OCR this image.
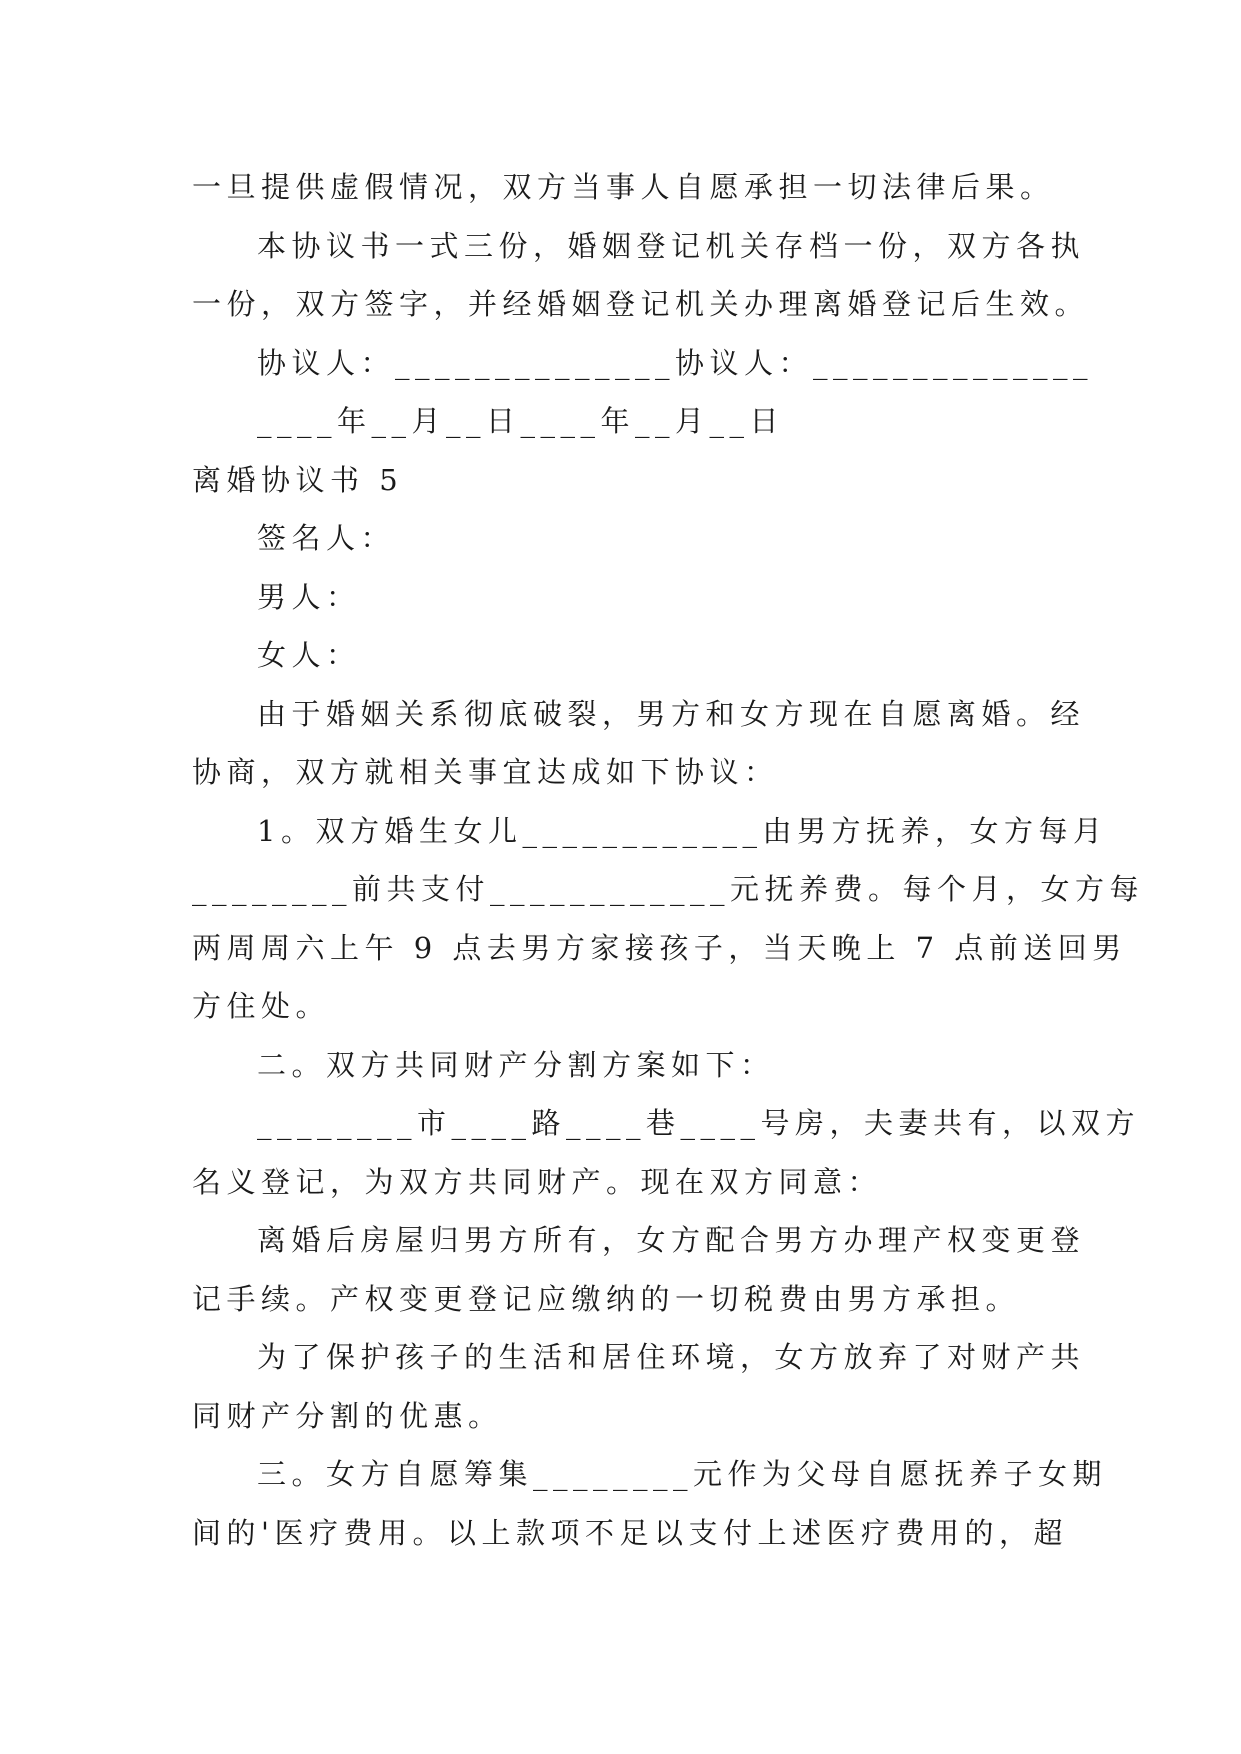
一旦提供虚假情况，双方当事人自愿承担一切法律后果。
本协议书一式三份，婚姻登记机关存档一份，双方各执
一份，双方签字，并经婚姻登记机关办理离婚登记后生效。
协议人：______________协议人：______________
____年__月__日____年__月__日
离婚协议书 5
签名人：
男人：
女人：
由于婚姻关系彻底破裂，男方和女方现在自愿离婚。经
协商，双方就相关事宜达成如下协议：
1。双方婚生女儿____________由男方抚养，女方每月
________前共支付____________元抚养费。每个月，女方每
两周周六上午 9 点去男方家接孩子，当天晚上 7 点前送回男
方住处。
二。双方共同财产分割方案如下：
________市____路____巷____号房，夫妻共有，以双方
名义登记，为双方共同财产。现在双方同意：
离婚后房屋归男方所有，女方配合男方办理产权变更登
记手续。产权变更登记应缴纳的一切税费由男方承担。
为了保护孩子的生活和居住环境，女方放弃了对财产共
同财产分割的优惠。
三。女方自愿筹集________元作为父母自愿抚养子女期
间的'医疗费用。以上款项不足以支付上述医疗费用的，超
